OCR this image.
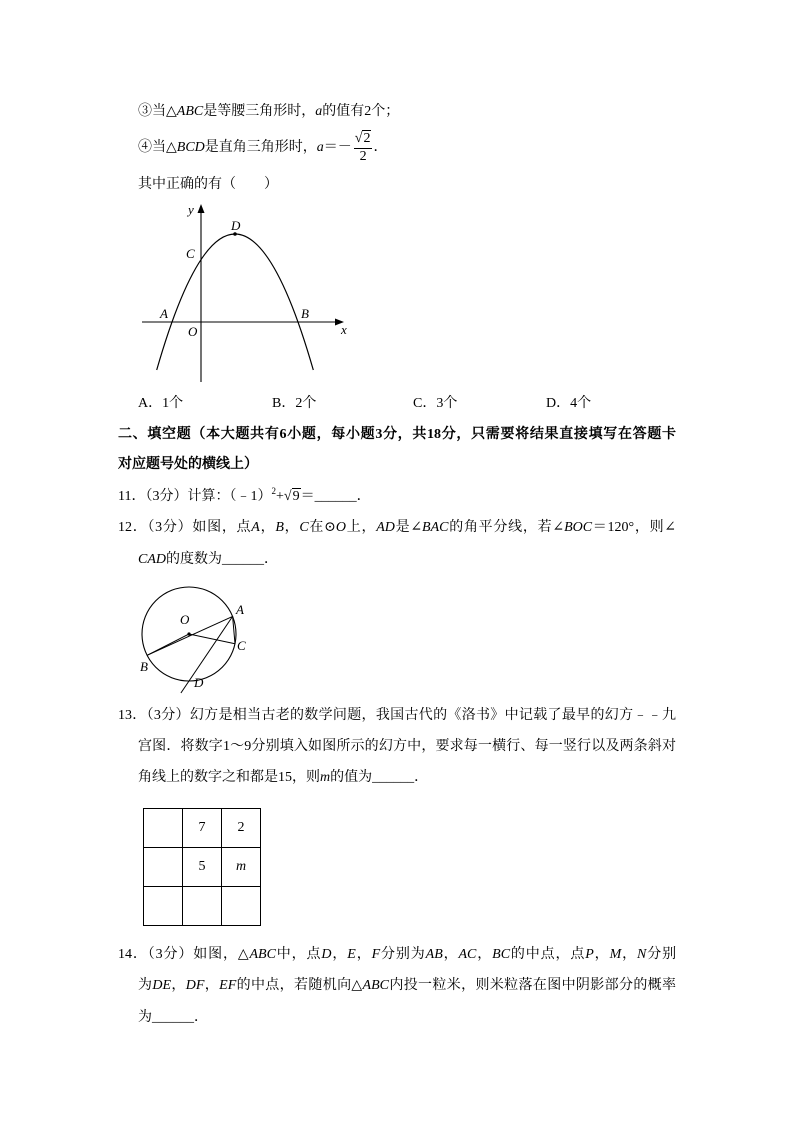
③当△ABC是等腰三角形时，a的值有2个；
④当△BCD是直角三角形时，$a=- \frac{√2}{2}$ ．
其中正确的有（　　）
y
x
O
A	B
C
D
A．1个	B．2个	C．3个	D．4个
二、填空题（本大题共有6小题，每小题3分，共18分，只需要将结果直接填写在答题卡
对应题号处的横线上）
11．（3分）计算：（﹣1）$^2$+√9＝______．
12．（3分）如图，点A，B，C在⊙O上，AD是∠BAC的角平分线，若∠BOC＝120°，则∠
CAD的度数为______．
O
A
C
B
D
13．（3分）幻方是相当古老的数学问题，我国古代的《洛书》中记载了最早的幻方﹣﹣九
宫图．将数字1～9分别填入如图所示的幻方中，要求每一横行、每一竖行以及两条斜对
角线上的数字之和都是15，则m的值为______．
	7	2
	5	m

14．（3分）如图，△ABC中，点D，E，F分别为AB，AC，BC的中点，点P，M，N分别
为DE，DF，EF的中点，若随机向△ABC内投一粒米，则米粒落在图中阴影部分的概率
为______．
